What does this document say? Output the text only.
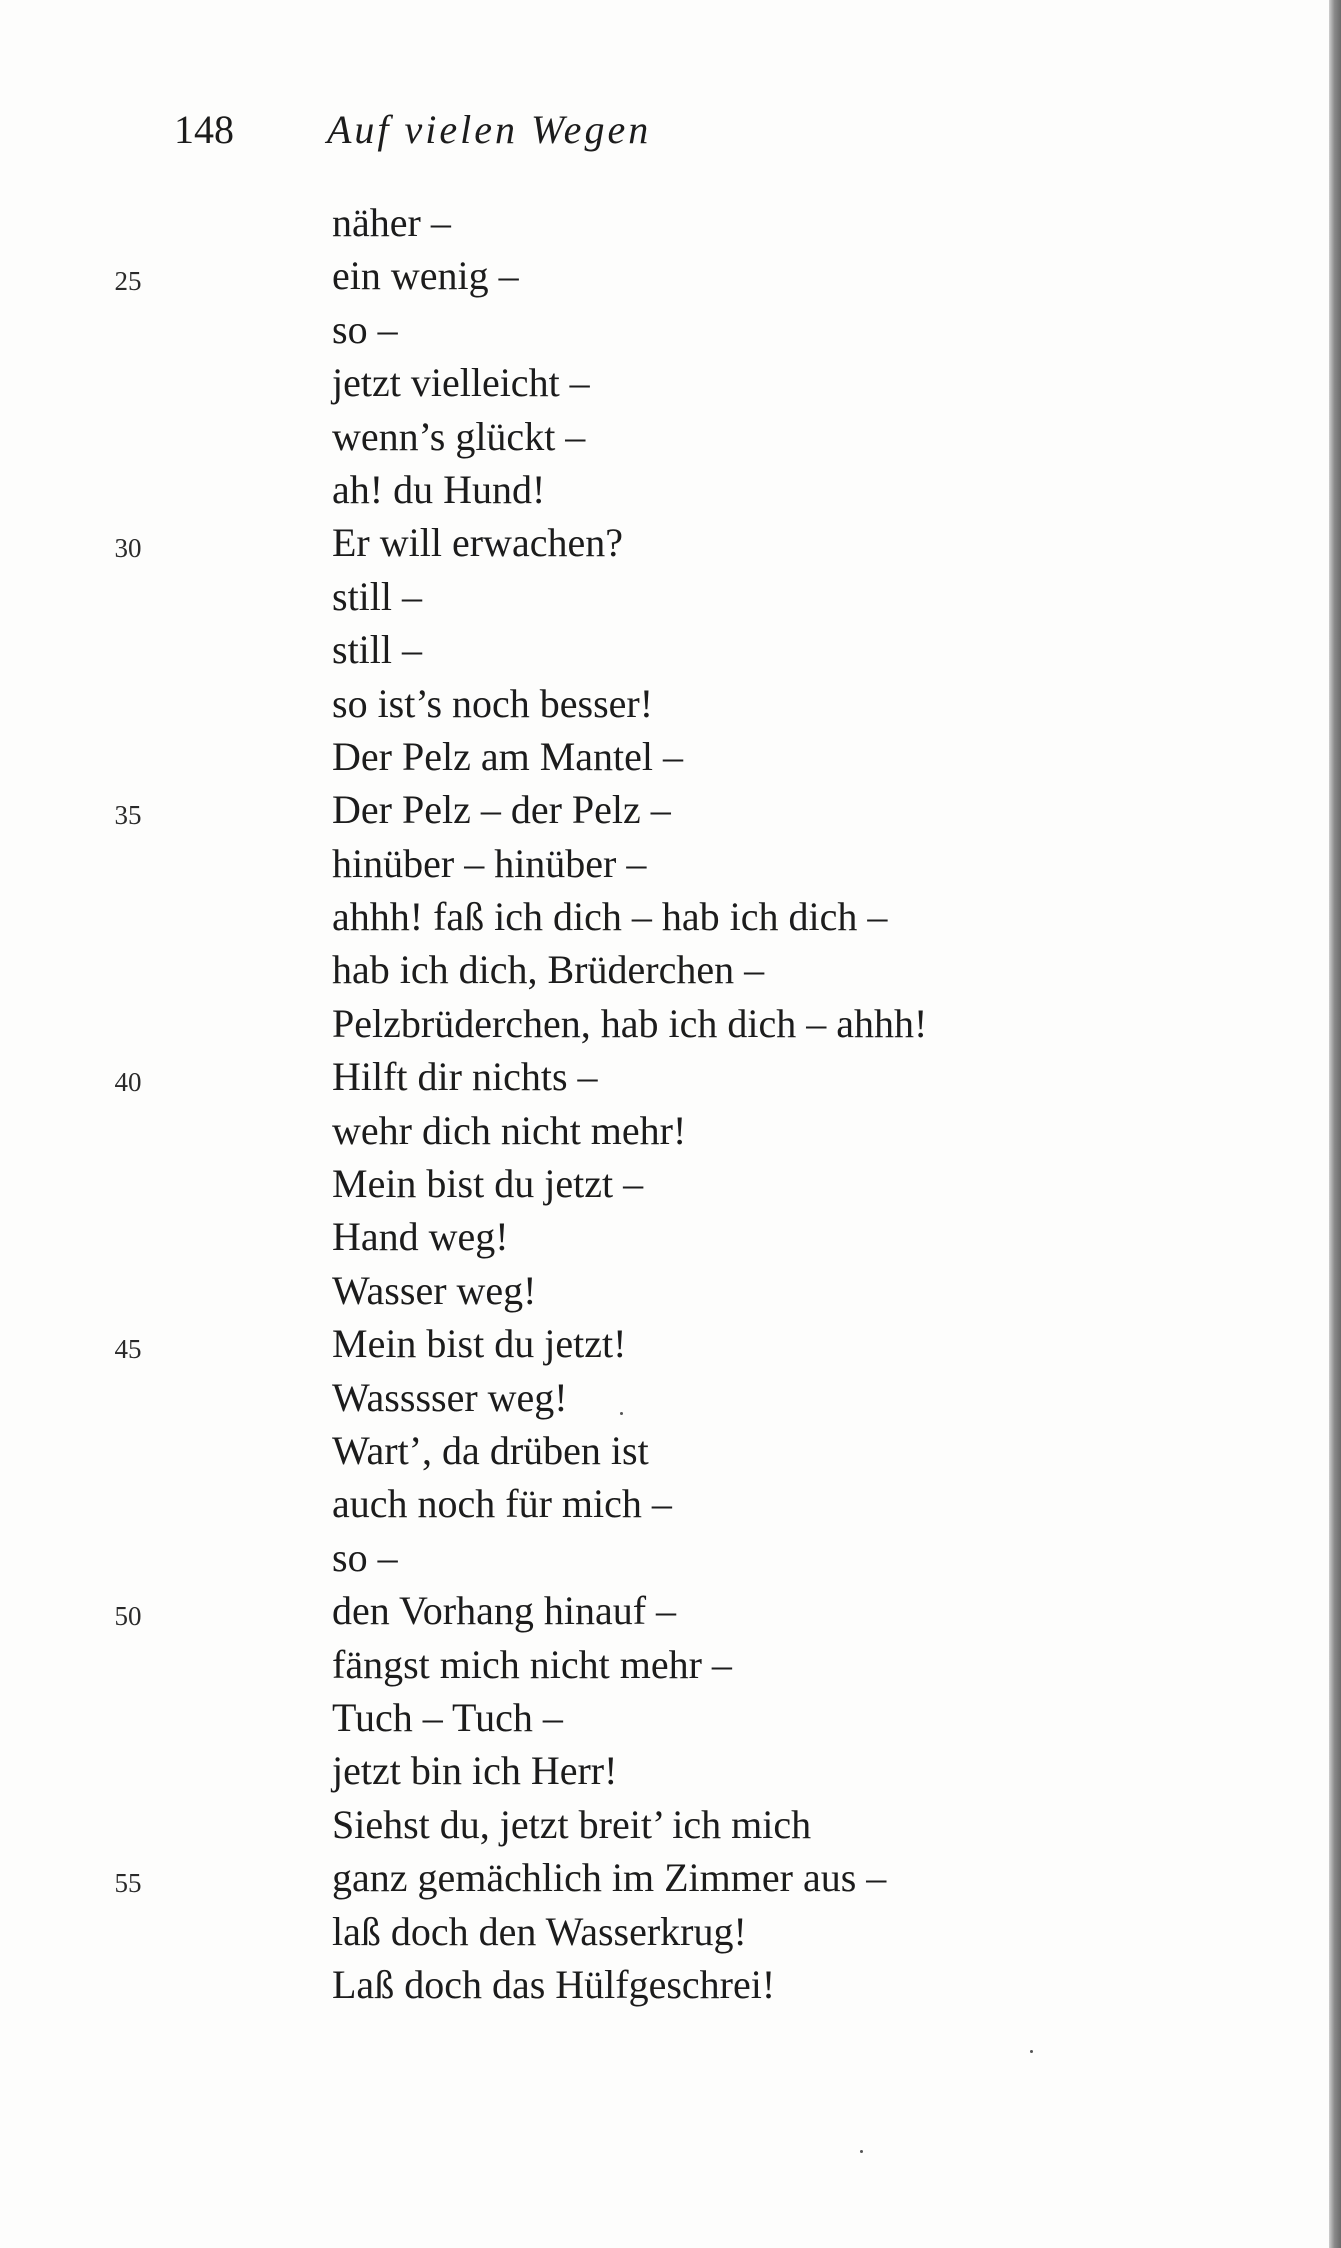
148 Auf vielen Wegen
näher –
25	ein wenig –
so –
jetzt vielleicht –
wenn’s glückt –
ah! du Hund!
30	Er will erwachen?
still –
still –
so ist’s noch besser!
Der Pelz am Mantel –
35	Der Pelz – der Pelz –
hinüber – hinüber –
ahhh! faß ich dich – hab ich dich –
hab ich dich, Brüderchen –
Pelzbrüderchen, hab ich dich – ahhh!
40	Hilft dir nichts –
wehr dich nicht mehr!
Mein bist du jetzt –
Hand weg!
Wasser weg!
45	Mein bist du jetzt!
Wasssser weg!
Wart’, da drüben ist
auch noch für mich –
so –
50	den Vorhang hinauf –
fängst mich nicht mehr –
Tuch – Tuch –
jetzt bin ich Herr!
Siehst du, jetzt breit’ ich mich
55	ganz gemächlich im Zimmer aus –
laß doch den Wasserkrug!
Laß doch das Hülfgeschrei!
